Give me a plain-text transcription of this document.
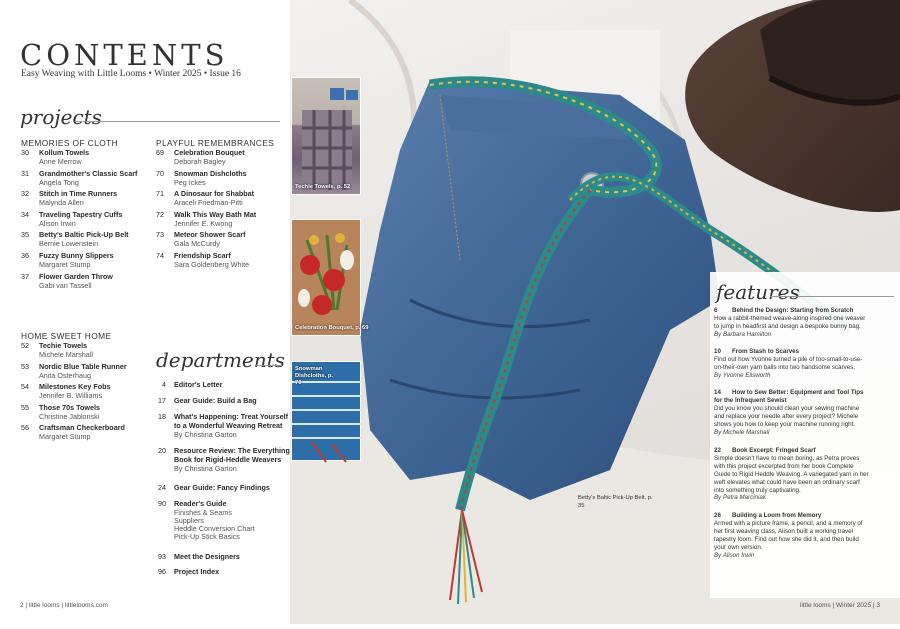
Techie Towels, p. 52
Celebration Bouquet, p. 69
Snowman Dishcloths, p. 70
Betty's Baltic Pick-Up Belt, p. 35
features
6 Behind the Design: Starting from Scratch
How a rabbit-themed weave-along inspired one weaver to jump in headfirst and design a bespoke bunny bag.
By Barbara Hamilton
10 From Stash to Scarves
Find out how Yvonne turned a pile of too-small-to-use-on-their-own yarn balls into two handsome scarves.
By Yvonne Ellsworth
14 How to Sew Better: Equipment and Tool Tips for the Infrequent Sewist
Did you know you should clean your sewing machine and replace your needle after every project? Michele shows you how to keep your machine running right.
By Michele Marshall
22 Book Excerpt: Fringed Scarf
Simple doesn't have to mean boring, as Petra proves with this project excerpted from her book Complete Guide to Rigid Heddle Weaving. A variegated yarn in her weft elevates what could have been an ordinary scarf into something truly captivating.
By Petra Marciniak
26 Building a Loom from Memory
Armed with a picture frame, a pencil, and a memory of her first weaving class, Alison built a working travel tapestry loom. Find out how she did it, and then build your own version.
By Alison Irwin
CONTENTS
Easy Weaving with Little Looms • Winter 2025 • Issue 16
projects
departments
MEMORIES OF CLOTH
30	Kollum Towels
Anne Merrow
31	Grandmother's Classic Scarf
Angela Tong
32	Stitch in Time Runners
Malynda Allen
34	Traveling Tapestry Cuffs
Alison Irwin
35	Betty's Baltic Pick-Up Belt
Bernie Lowenstein
36	Fuzzy Bunny Slippers
Margaret Stump
37	Flower Garden Throw
Gabi van Tassell
HOME SWEET HOME
52	Techie Towels
Michele Marshall
53	Nordic Blue Table Runner
Anita Osterhaug
54	Milestones Key Fobs
Jennifer B. Williams
55	Those 70s Towels
Christine Jablonski
56	Craftsman Checkerboard
Margaret Stump
PLAYFUL REMEMBRANCES
69	Celebration Bouquet
Deborah Bagley
70	Snowman Dishcloths
Peg Ickes
71	A Dinosaur for Shabbat
Araceli Friedman-Pitti
72	Walk This Way Bath Mat
Jennifer E. Kwong
73	Meteor Shower Scarf
Gala McCurdy
74	Friendship Scarf
Sara Goldenberg White
4 Editor's Letter
17 Gear Guide: Build a Bag
18 What's Happening: Treat Yourself
to a Wonderful Weaving Retreat
By Christina Garton
20 Resource Review: The Everything
Book for Rigid-Heddle Weavers
By Christina Garton
24 Gear Guide: Fancy Findings
90 Reader's Guide
Finishes & Seams
Suppliers
Heddle Conversion Chart
Pick-Up Stick Basics
93 Meet the Designers
96 Project Index
2 | little looms | littlelooms.com	little looms | Winter 2025 | 3
